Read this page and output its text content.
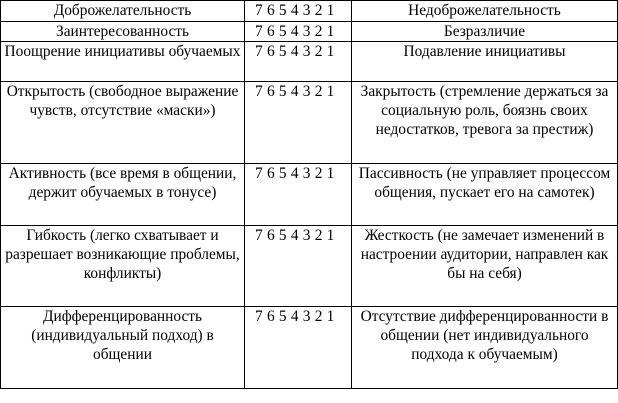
Доброжелательность	7 6 5 4 3 2 1	Недоброжелательность
Заинтересованность	7 6 5 4 3 2 1	Безразличие
Поощрение инициативы обучаемых	7 6 5 4 3 2 1	Подавление инициативы
Открытость (свободное выражение чувств, отсутствие «маски»)	7 6 5 4 3 2 1	Закрытость (стремление держаться за социальную роль, боязнь своих недостатков, тревога за престиж)
Активность (все время в общении, держит обучаемых в тонусе)	7 6 5 4 3 2 1	Пассивность (не управляет процессом общения, пускает его на самотек)
Гибкость (легко схватывает и разрешает возникающие проблемы, конфликты)	7 6 5 4 3 2 1	Жесткость (не замечает изменений в настроении аудитории, направлен как бы на себя)
Дифференцированность (индивидуальный подход) в общении	7 6 5 4 3 2 1	Отсутствие дифференцированности в общении (нет индивидуального подхода к обучаемым)
